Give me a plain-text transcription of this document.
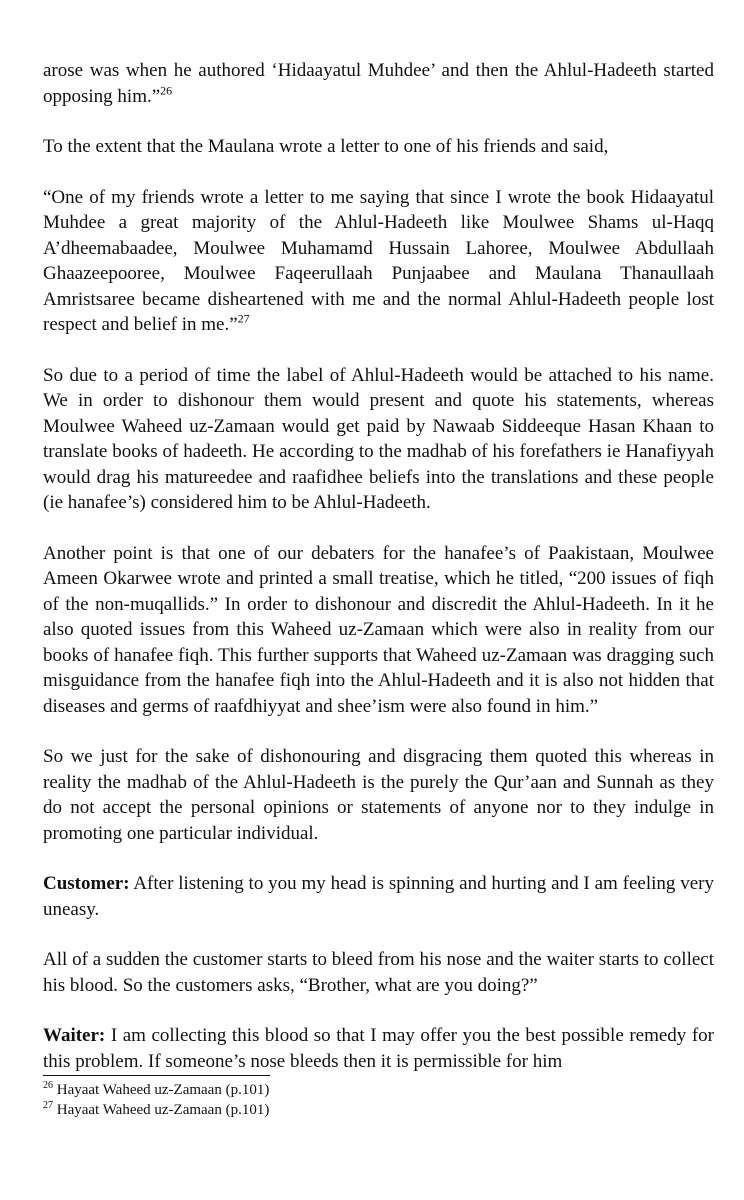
arose was when he authored ‘Hidaayatul Muhdee’ and then the Ahlul-Hadeeth started opposing him.”$^{26}$

To the extent that the Maulana wrote a letter to one of his friends and said,

“One of my friends wrote a letter to me saying that since I wrote the book Hidaayatul Muhdee a great majority of the Ahlul-Hadeeth like Moulwee Shams ul-Haqq A’dheemabaadee, Moulwee Muhamamd Hussain Lahoree, Moulwee Abdullaah Ghaazeepooree, Moulwee Faqeerullaah Punjaabee and Maulana Thanaullaah Amristsaree became disheartened with me and the normal Ahlul-Hadeeth people lost respect and belief in me.”$^{27}$

So due to a period of time the label of Ahlul-Hadeeth would be attached to his name. We in order to dishonour them would present and quote his statements, whereas Moulwee Waheed uz-Zamaan would get paid by Nawaab Siddeeque Hasan Khaan to translate books of hadeeth. He according to the madhab of his forefathers ie Hanafiyyah would drag his matureedee and raafidhee beliefs into the translations and these people (ie hanafee’s) considered him to be Ahlul-Hadeeth.

Another point is that one of our debaters for the hanafee’s of Paakistaan, Moulwee Ameen Okarwee wrote and printed a small treatise, which he titled, “200 issues of fiqh of the non-muqallids.” In order to dishonour and discredit the Ahlul-Hadeeth. In it he also quoted issues from this Waheed uz-Zamaan which were also in reality from our books of hanafee fiqh. This further supports that Waheed uz-Zamaan was dragging such misguidance from the hanafee fiqh into the Ahlul-Hadeeth and it is also not hidden that diseases and germs of raafdhiyyat and shee’ism were also found in him.”

So we just for the sake of dishonouring and disgracing them quoted this whereas in reality the madhab of the Ahlul-Hadeeth is the purely the Qur’aan and Sunnah as they do not accept the personal opinions or statements of anyone nor to they indulge in promoting one particular individual.

Customer: After listening to you my head is spinning and hurting and I am feeling very uneasy.

All of a sudden the customer starts to bleed from his nose and the waiter starts to collect his blood. So the customers asks, “Brother, what are you doing?”

Waiter: I am collecting this blood so that I may offer you the best possible remedy for this problem. If someone’s nose bleeds then it is permissible for him

$^{26}$ Hayaat Waheed uz-Zamaan (p.101)
$^{27}$ Hayaat Waheed uz-Zamaan (p.101)
